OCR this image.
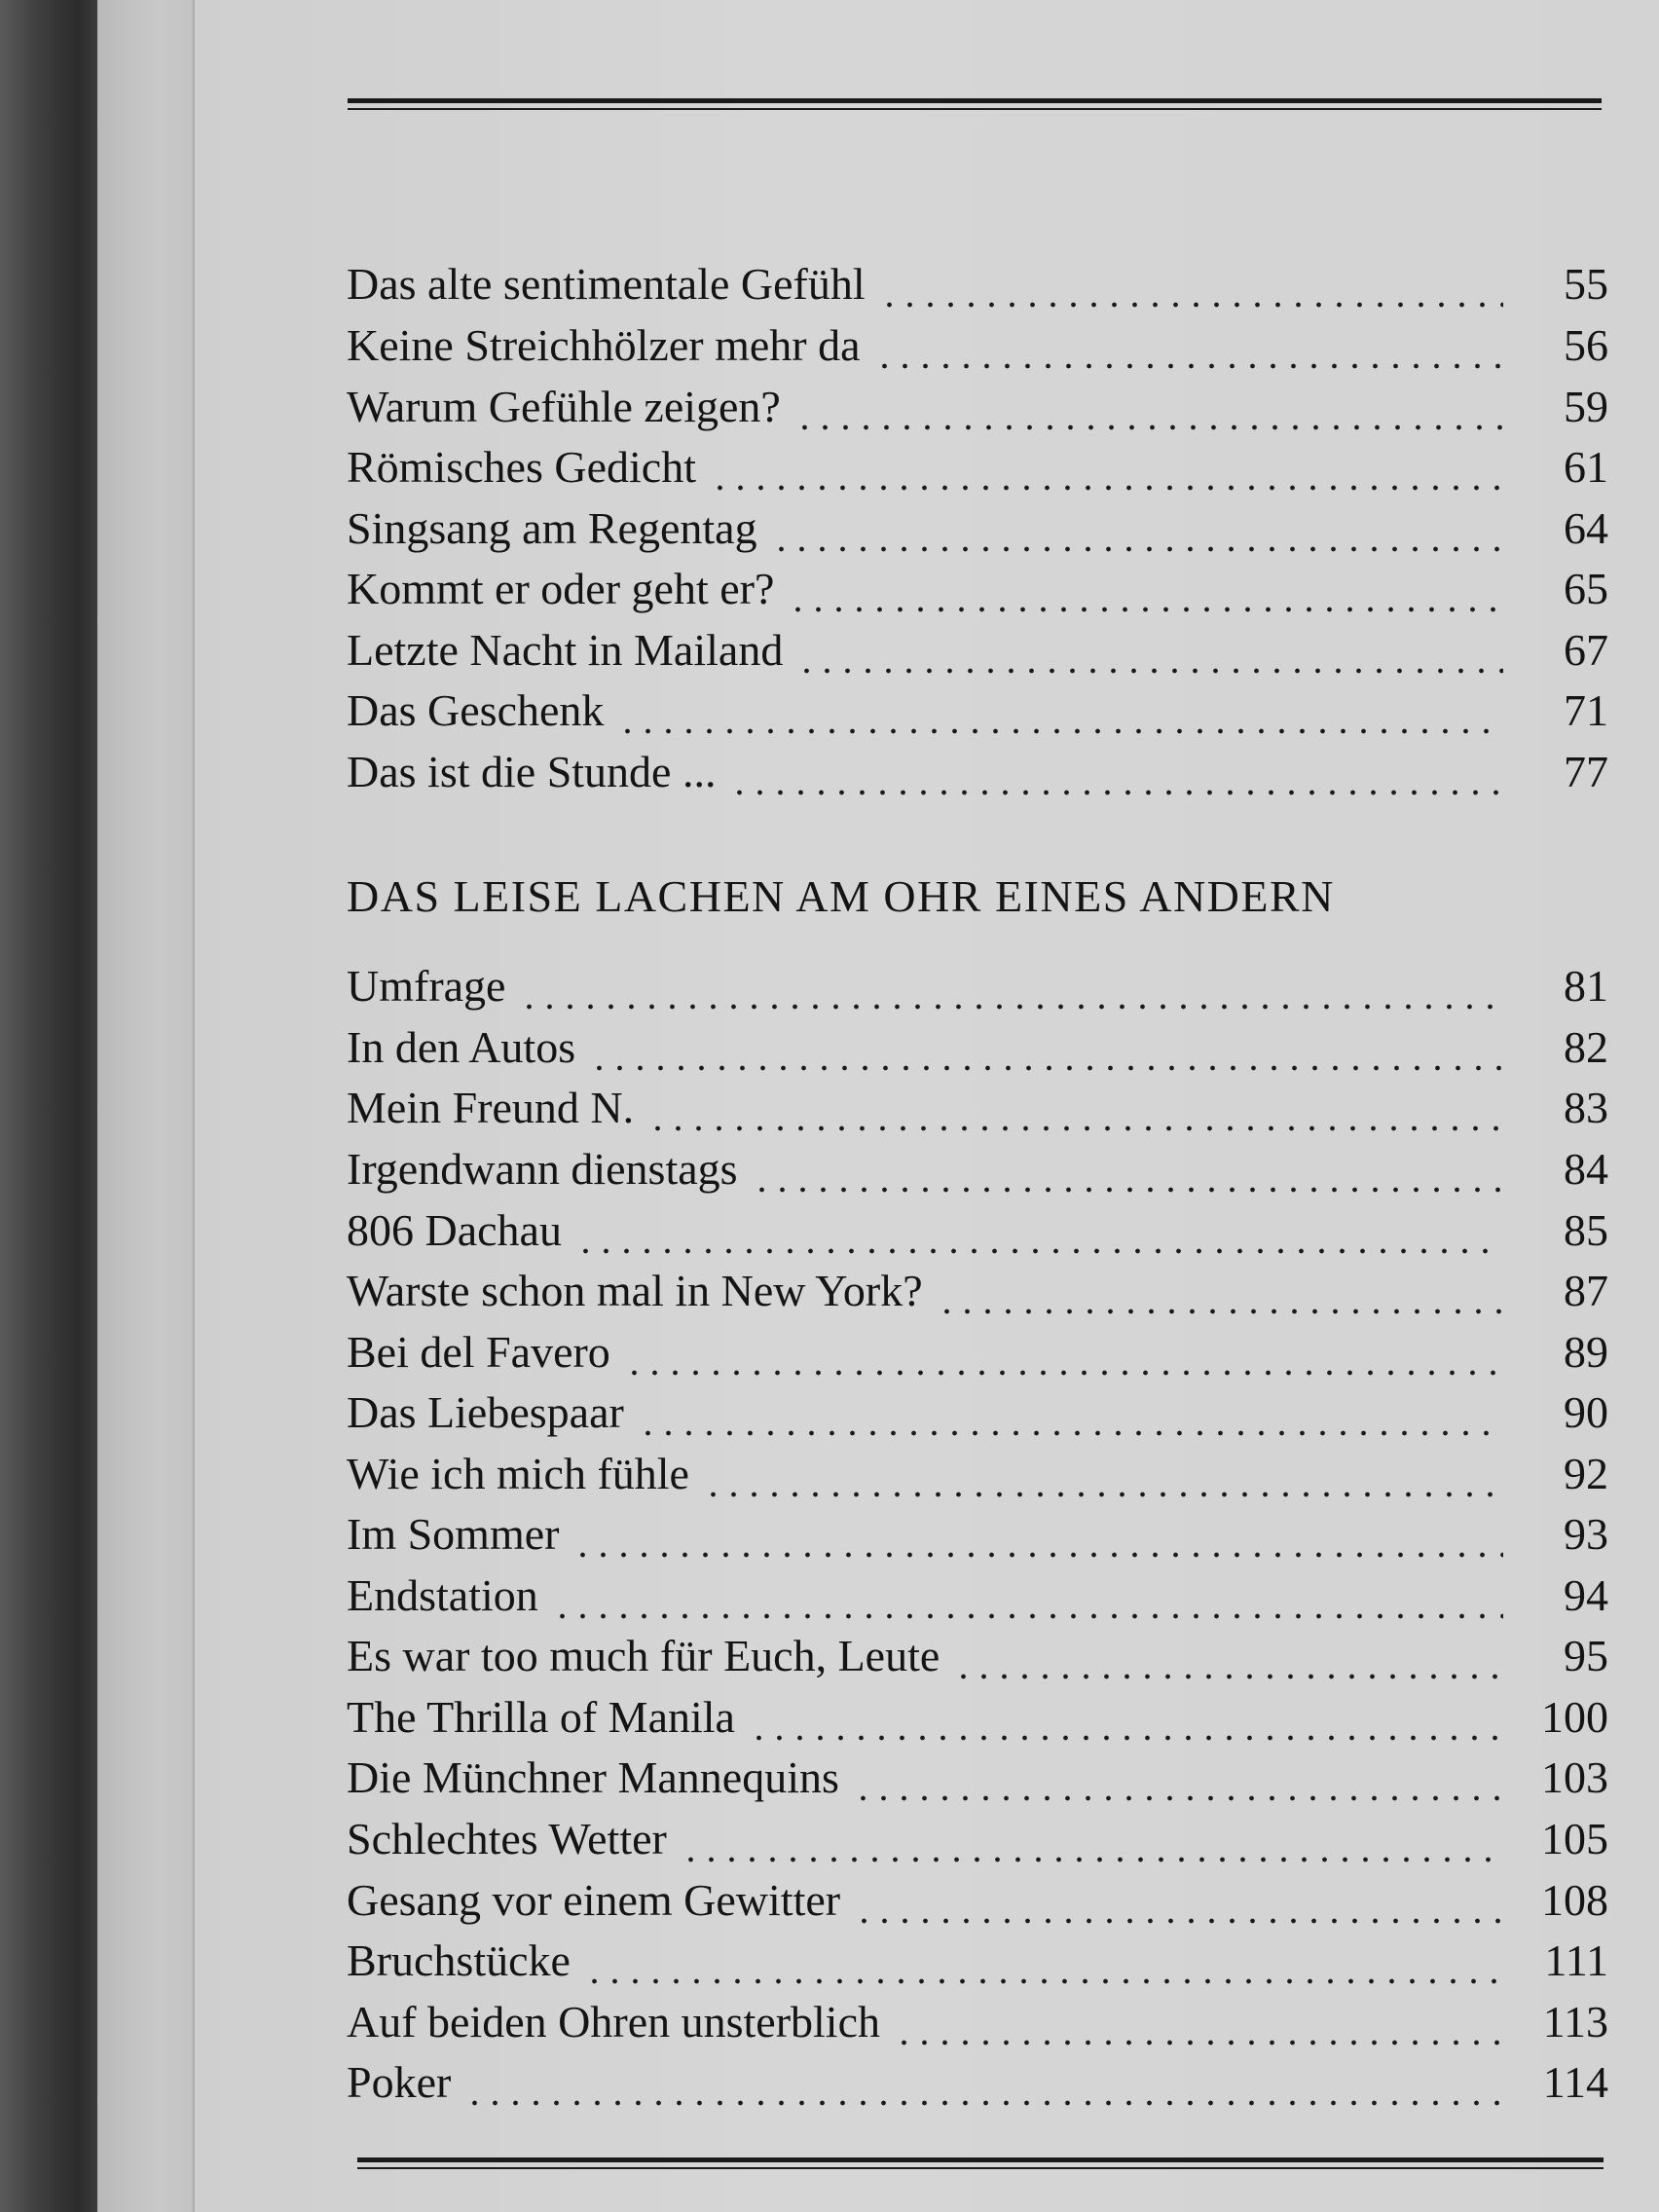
Das alte sentimentale Gefühl	55
Keine Streichhölzer mehr da	56
Warum Gefühle zeigen?	59
Römisches Gedicht	61
Singsang am Regentag	64
Kommt er oder geht er?	65
Letzte Nacht in Mailand	67
Das Geschenk	71
Das ist die Stunde ...	77
DAS LEISE LACHEN AM OHR EINES ANDERN
Umfrage	81
In den Autos	82
Mein Freund N.	83
Irgendwann dienstags	84
806 Dachau	85
Warste schon mal in New York?	87
Bei del Favero	89
Das Liebespaar	90
Wie ich mich fühle	92
Im Sommer	93
Endstation	94
Es war too much für Euch, Leute	95
The Thrilla of Manila	100
Die Münchner Mannequins	103
Schlechtes Wetter	105
Gesang vor einem Gewitter	108
Bruchstücke	111
Auf beiden Ohren unsterblich	113
Poker	114
